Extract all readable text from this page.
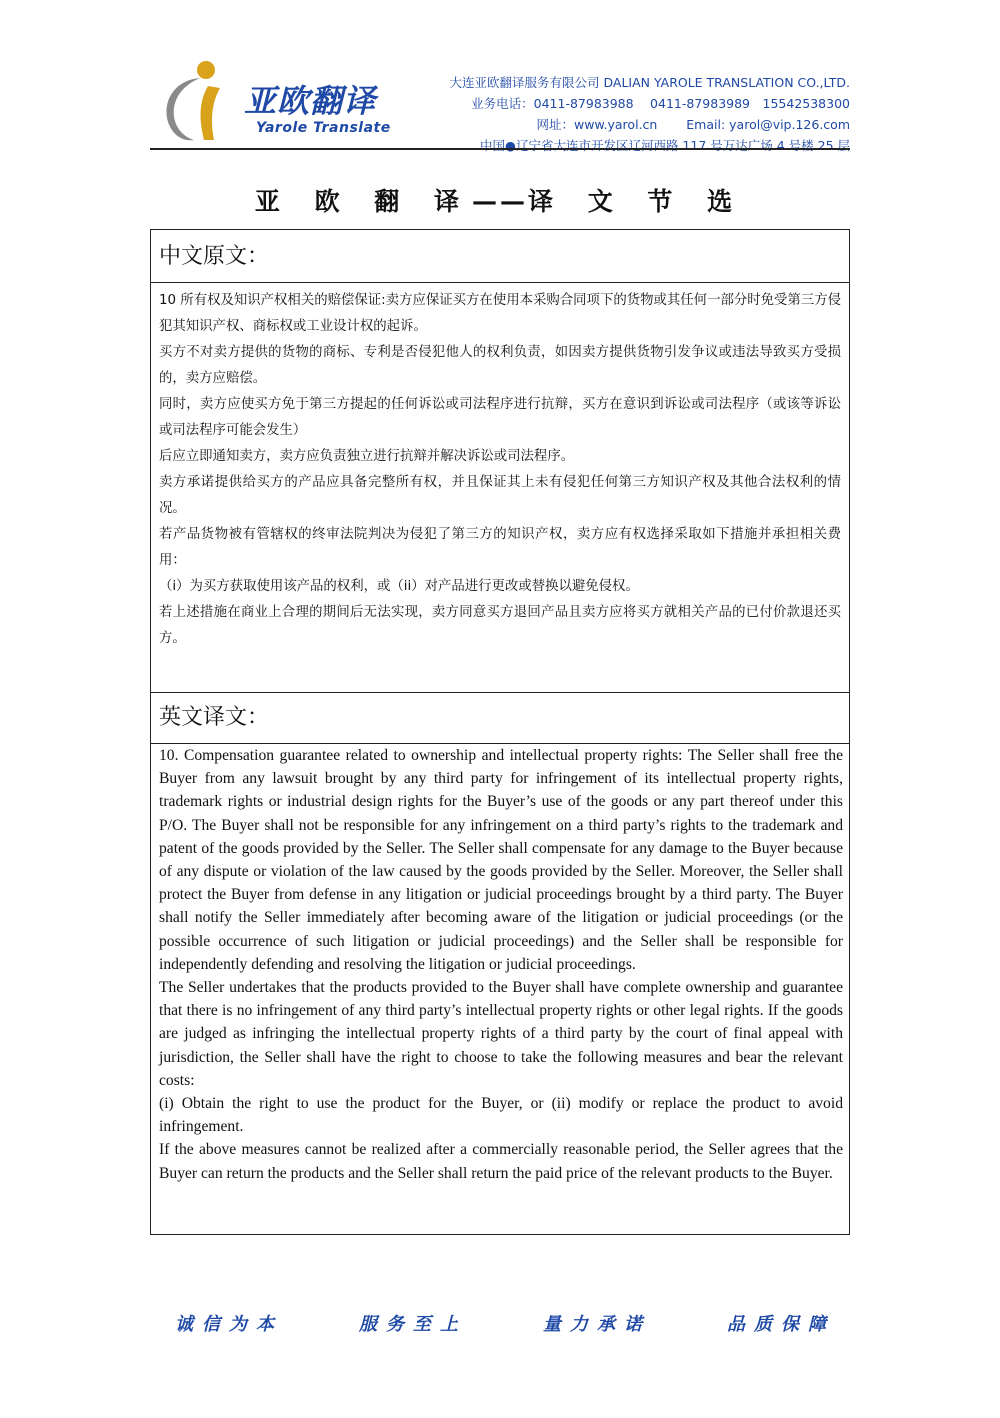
亚欧翻译
Yarole Translate
大连亚欧翻译服务有限公司 DALIAN YAROLE TRANSLATION CO.,LTD.
业务电话：0411-87983988　 0411-87983989　15542538300
网址：www.yarol.cn　　 Email: yarol@vip.126.com
中国●辽宁省大连市开发区辽河西路 117 号万达广场 4 号楼 25 层
亚 欧 翻 译——译 文 节 选
中文原文：

10 所有权及知识产权相关的赔偿保证:卖方应保证买方在使用本采购合同项下的货物或其任何一部分时免受第三方侵犯其知识产权、商标权或工业设计权的起诉。

买方不对卖方提供的货物的商标、专利是否侵犯他人的权利负责，如因卖方提供货物引发争议或违法导致买方受损的，卖方应赔偿。

同时，卖方应使买方免于第三方提起的任何诉讼或司法程序进行抗辩，买方在意识到诉讼或司法程序（或该等诉讼或司法程序可能会发生）

后应立即通知卖方，卖方应负责独立进行抗辩并解决诉讼或司法程序。

卖方承诺提供给买方的产品应具备完整所有权，并且保证其上未有侵犯任何第三方知识产权及其他合法权利的情况。

若产品货物被有管辖权的终审法院判决为侵犯了第三方的知识产权，卖方应有权选择采取如下措施并承担相关费用：

（i）为买方获取使用该产品的权利，或（ii）对产品进行更改或替换以避免侵权。

若上述措施在商业上合理的期间后无法实现，卖方同意买方退回产品且卖方应将买方就相关产品的已付价款退还买方。

英文译文：

10. Compensation guarantee related to ownership and intellectual property rights: The Seller shall free the Buyer from any lawsuit brought by any third party for infringement of its intellectual property rights, trademark rights or industrial design rights for the Buyer’s use of the goods or any part thereof under this P/O. The Buyer shall not be responsible for any infringement on a third party’s rights to the trademark and patent of the goods provided by the Seller. The Seller shall compensate for any damage to the Buyer because of any dispute or violation of the law caused by the goods provided by the Seller. Moreover, the Seller shall protect the Buyer from defense in any litigation or judicial proceedings brought by a third party. The Buyer shall notify the Seller immediately after becoming aware of the litigation or judicial proceedings (or the possible occurrence of such litigation or judicial proceedings) and the Seller shall be responsible for independently defending and resolving the litigation or judicial proceedings.

The Seller undertakes that the products provided to the Buyer shall have complete ownership and guarantee that there is no infringement of any third party’s intellectual property rights or other legal rights. If the goods are judged as infringing the intellectual property rights of a third party by the court of final appeal with jurisdiction, the Seller shall have the right to choose to take the following measures and bear the relevant costs:

(i) Obtain the right to use the product for the Buyer, or (ii) modify or replace the product to avoid infringement.

If the above measures cannot be realized after a commercially reasonable period, the Seller agrees that the Buyer can return the products and the Seller shall return the paid price of the relevant products to the Buyer.

诚信为本	服务至上	量力承诺	品质保障
